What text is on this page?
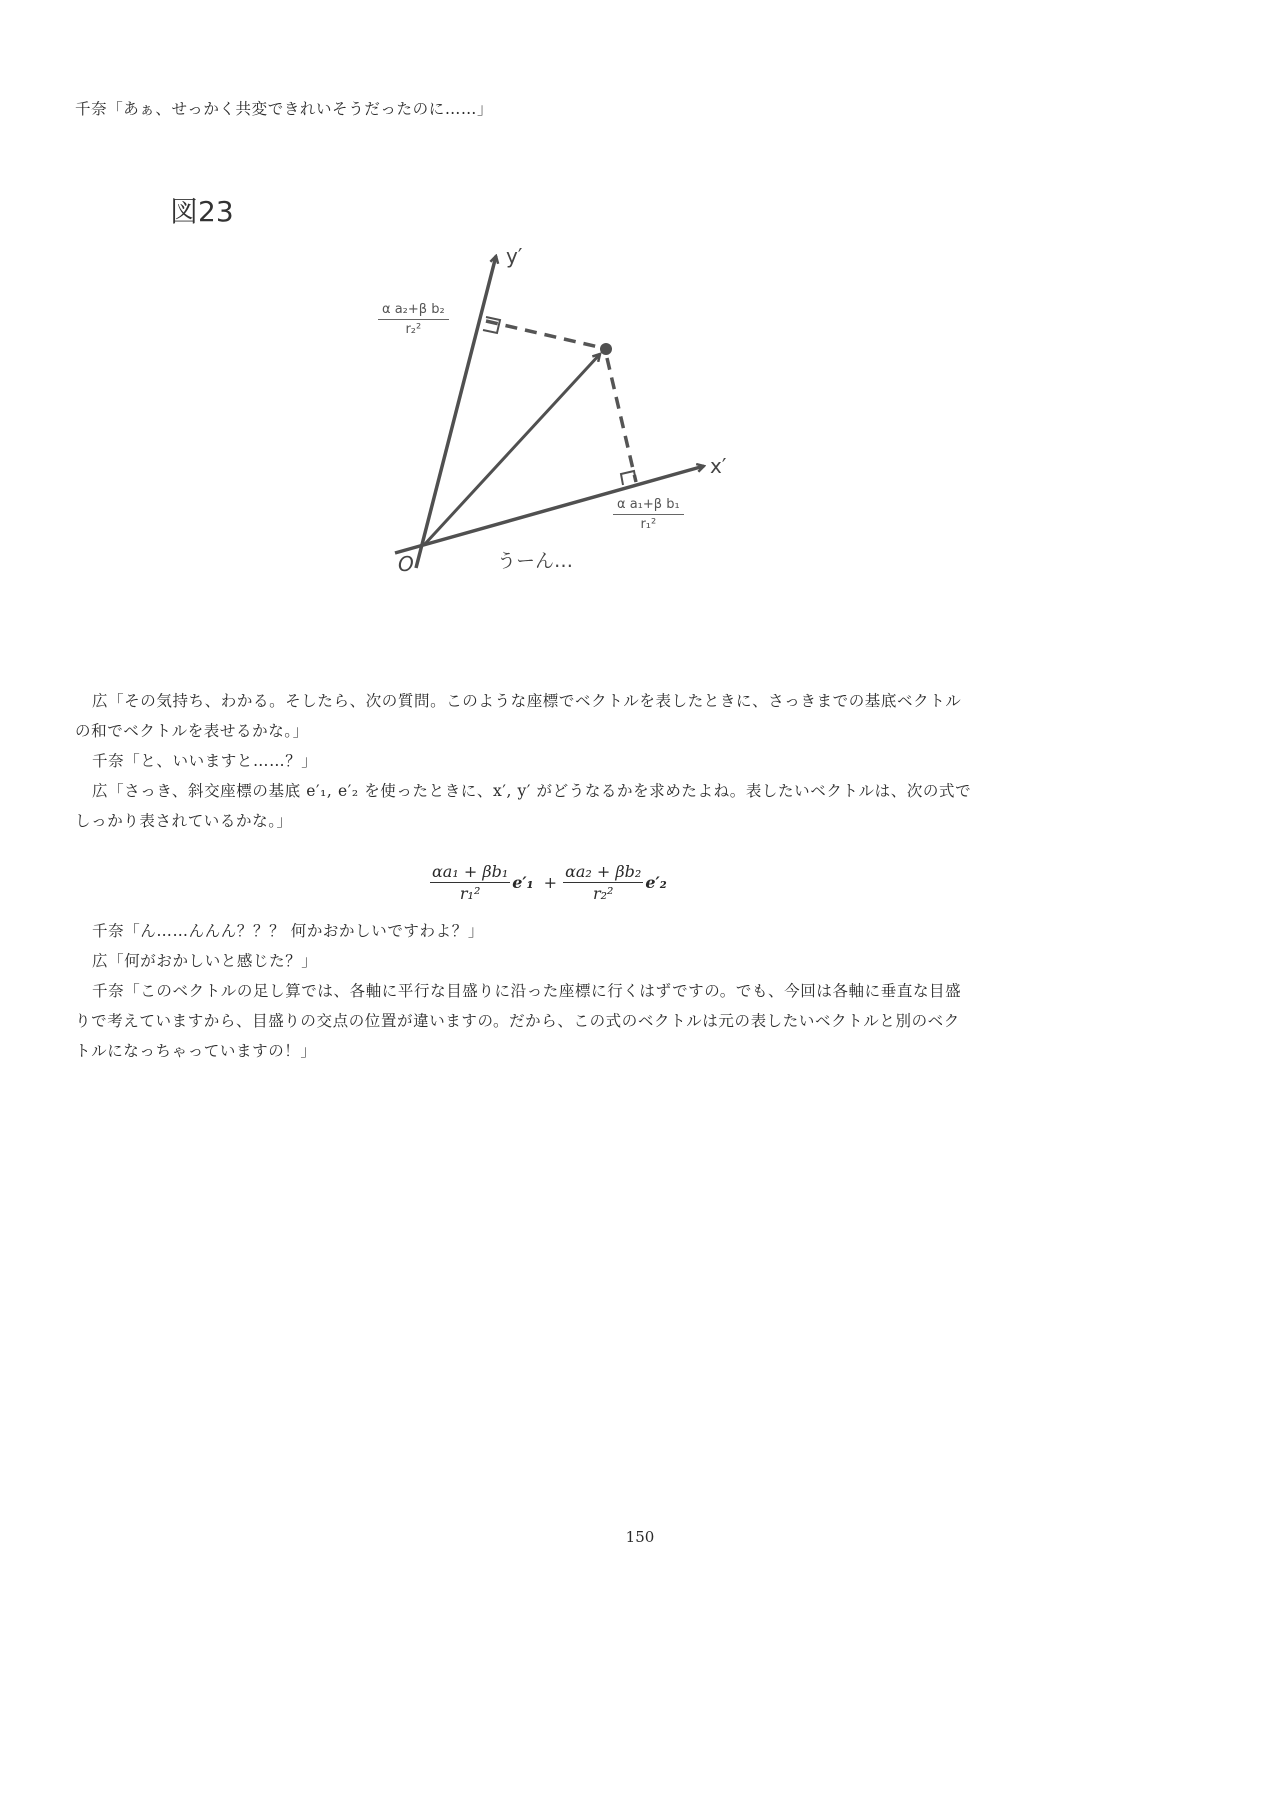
千奈「あぁ、せっかく共変できれいそうだったのに……」
図23
y′
x′
O	うーん…
$\frac{\text{α a₂+β b₂}}{\text{r₂²}}$
$\frac{\text{α a₁+β b₁}}{\text{r₁²}}$
広「その気持ち、わかる。そしたら、次の質問。このような座標でベクトルを表したときに、さっきまでの基底ベクトル
の和でベクトルを表せるかな。」
千奈「と、いいますと……？」
広「さっき、斜交座標の基底 e′₁, e′₂ を使ったときに、x′, y′ がどうなるかを求めたよね。表したいベクトルは、次の式で
しっかり表されているかな。」
$\frac{\text{αa₁ + βb₁}}{\text{r₁²}} e'_1 + \frac{\text{αa₂ + βb₂}}{\text{r₂²}} e'_2$
千奈「ん……んんん？？？ 何かおかしいですわよ？」
広「何がおかしいと感じた？」
千奈「このベクトルの足し算では、各軸に平行な目盛りに沿った座標に行くはずですの。でも、今回は各軸に垂直な目盛
りで考えていますから、目盛りの交点の位置が違いますの。だから、この式のベクトルは元の表したいベクトルと別のベク
トルになっちゃっていますの！」
150
